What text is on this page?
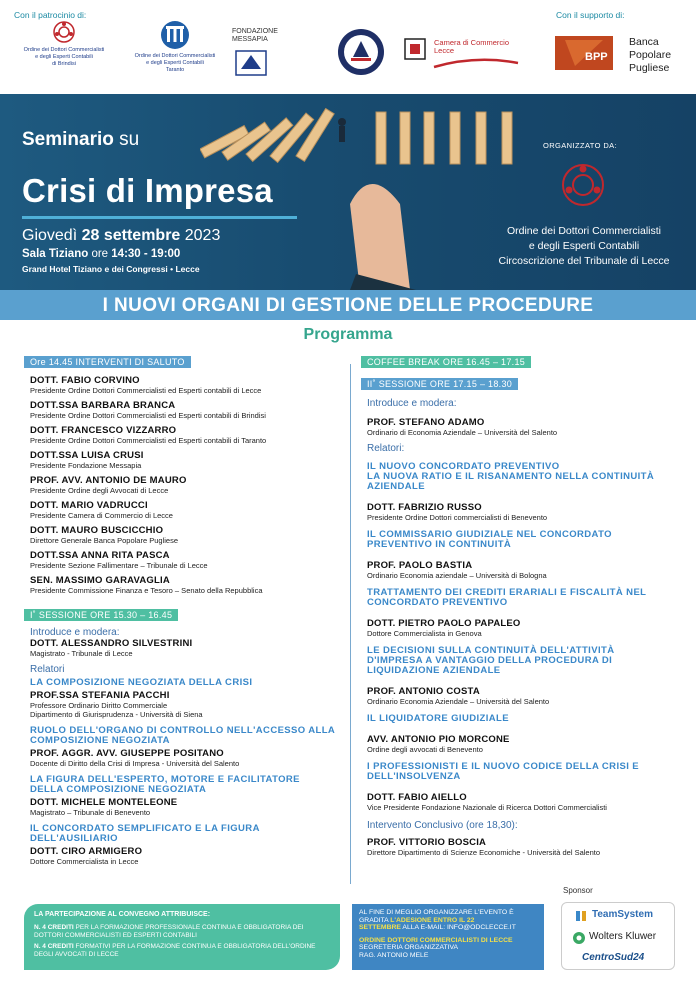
Con il patrocinio di:	Con il supporto di:
Ordine dei Dottori Commercialisti
e degli Esperti Contabili
di Brindisi
Ordine dei Dottori Commercialisti
e degli Esperti Contabili
Taranto
FONDAZIONE
MESSAPIA	Camera di Commercio
Lecce
BPP
Banca
Popolare
Pugliese
Seminario su
Crisi di Impresa
Giovedì 28 settembre 2023
Sala Tiziano ore 14:30 - 19:00
Grand Hotel Tiziano e dei Congressi • Lecce
ORGANIZZATO DA:
Ordine dei Dottori Commercialisti
e degli Esperti Contabili
Circoscrizione del Tribunale di Lecce
I NUOVI ORGANI DI GESTIONE DELLE PROCEDURE
Programma
Ore 14.45 INTERVENTI DI SALUTO
DOTT. FABIO CORVINO
Presidente Ordine Dottori Commercialisti ed Esperti contabili di Lecce
DOTT.SSA BARBARA BRANCA
Presidente Ordine Dottori Commercialisti ed Esperti contabili di Brindisi
DOTT. FRANCESCO VIZZARRO
Presidente Ordine Dottori Commercialisti ed Esperti contabili di Taranto
DOTT.SSA LUISA CRUSI
Presidente Fondazione Messapia
PROF. AVV. ANTONIO DE MAURO
Presidente Ordine degli Avvocati di Lecce
DOTT. MARIO VADRUCCI
Presidente Camera di Commercio di Lecce
DOTT. MAURO BUSCICCHIO
Direttore Generale Banca Popolare Pugliese
DOTT.SSA ANNA RITA PASCA
Presidente Sezione Fallimentare – Tribunale di Lecce
SEN. MASSIMO GARAVAGLIA
Presidente Commissione Finanza e Tesoro – Senato della Repubblica
I˚ SESSIONE ORE 15.30 – 16.45
Introduce e modera:
DOTT. ALESSANDRO SILVESTRINI
Magistrato - Tribunale di Lecce
Relatori
LA COMPOSIZIONE NEGOZIATA DELLA CRISI
PROF.SSA STEFANIA PACCHI
Professore Ordinario Diritto Commerciale
Dipartimento di Giurisprudenza - Università di Siena
RUOLO DELL'ORGANO DI CONTROLLO NELL'ACCESSO ALLA
COMPOSIZIONE NEGOZIATA
PROF. AGGR. AVV. GIUSEPPE POSITANO
Docente di Diritto della Crisi di Impresa - Università del Salento
LA FIGURA DELL'ESPERTO, MOTORE E FACILITATORE
DELLA COMPOSIZIONE NEGOZIATA
DOTT. MICHELE MONTELEONE
Magistrato – Tribunale di Benevento
IL CONCORDATO SEMPLIFICATO E LA FIGURA
DELL'AUSILIARIO
DOTT. CIRO ARMIGERO
Dottore Commercialista in Lecce
COFFEE BREAK ORE 16.45 – 17.15
II˚ SESSIONE ORE 17.15 – 18.30
Introduce e modera:
PROF. STEFANO ADAMO
Ordinario di Economia Aziendale – Università del Salento
Relatori:
IL NUOVO CONCORDATO PREVENTIVO
LA NUOVA RATIO E IL RISANAMENTO NELLA CONTINUITÀ
AZIENDALE
DOTT. FABRIZIO RUSSO
Presidente Ordine Dottori commercialisti di Benevento
IL COMMISSARIO GIUDIZIALE NEL CONCORDATO
PREVENTIVO IN CONTINUITÀ
PROF. PAOLO BASTIA
Ordinario Economia aziendale – Università di Bologna
TRATTAMENTO DEI CREDITI ERARIALI E FISCALITÀ NEL
CONCORDATO PREVENTIVO
DOTT. PIETRO PAOLO PAPALEO
Dottore Commercialista in Genova
LE DECISIONI SULLA CONTINUITÀ DELL'ATTIVITÀ
D'IMPRESA A VANTAGGIO DELLA PROCEDURA DI
LIQUIDAZIONE AZIENDALE
PROF. ANTONIO COSTA
Ordinario Economia Aziendale – Università del Salento
IL LIQUIDATORE GIUDIZIALE
AVV. ANTONIO PIO MORCONE
Ordine degli avvocati di Benevento
I PROFESSIONISTI E IL NUOVO CODICE DELLA CRISI E
DELL'INSOLVENZA
DOTT. FABIO AIELLO
Vice Presidente Fondazione Nazionale di Ricerca Dottori Commercialisti
Intervento Conclusivo (ore 18,30):
PROF. VITTORIO BOSCIA
Direttore Dipartimento di Scienze Economiche - Università del Salento
LA PARTECIPAZIONE AL CONVEGNO ATTRIBUISCE:
N. 4 CREDITI PER LA FORMAZIONE PROFESSIONALE CONTINUA E OBBLIGATORIA DEI DOTTORI COMMERCIALISTI ED ESPERTI CONTABILI
N. 4 CREDITI FORMATIVI PER LA FORMAZIONE CONTINUA E OBBLIGATORIA DELL'ORDINE DEGLI AVVOCATI DI LECCE
AL FINE DI MEGLIO ORGANIZZARE L'EVENTO È
GRADITA L'ADESIONE ENTRO IL 22
SETTEMBRE ALLA E-MAIL: INFO@ODCLECCE.IT
ORDINE DOTTORI COMMERCIALISTI DI LECCE
SEGRETERIA ORGANIZZATIVA
RAG. ANTONIO MELE
Sponsor
TeamSystem
Wolters Kluwer
CentroSud24
